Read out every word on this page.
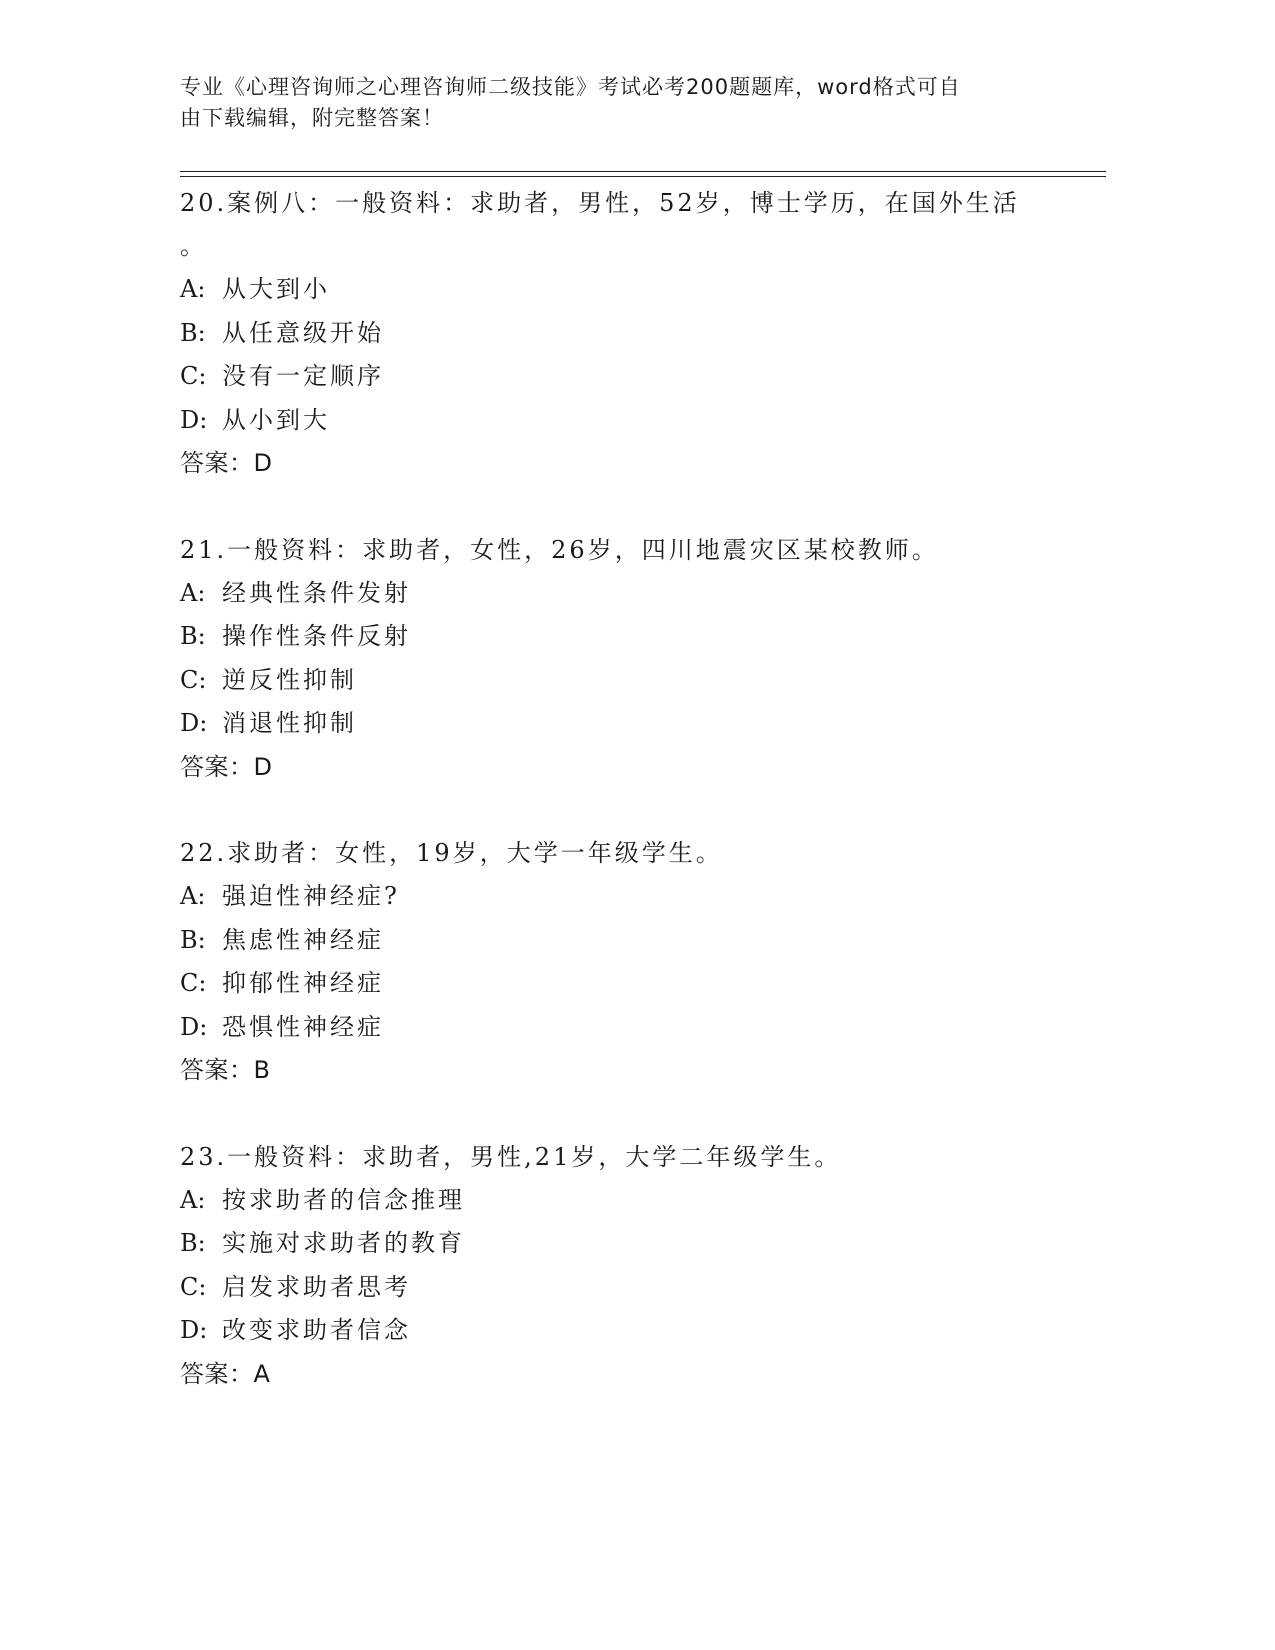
专业《心理咨询师之心理咨询师二级技能》考试必考200题题库，word格式可自
由下载编辑，附完整答案！
20.案例八：一般资料：求助者，男性，52岁，博士学历，在国外生活
。
A: 从大到小
B: 从任意级开始
C: 没有一定顺序
D: 从小到大
答案：D
21.一般资料：求助者，女性，26岁，四川地震灾区某校教师。
A: 经典性条件发射
B: 操作性条件反射
C: 逆反性抑制
D: 消退性抑制
答案：D
22.求助者：女性，19岁，大学一年级学生。
A: 强迫性神经症?
B: 焦虑性神经症
C: 抑郁性神经症
D: 恐惧性神经症
答案：B
23.一般资料：求助者，男性,21岁，大学二年级学生。
A: 按求助者的信念推理
B: 实施对求助者的教育
C: 启发求助者思考
D: 改变求助者信念
答案：A
